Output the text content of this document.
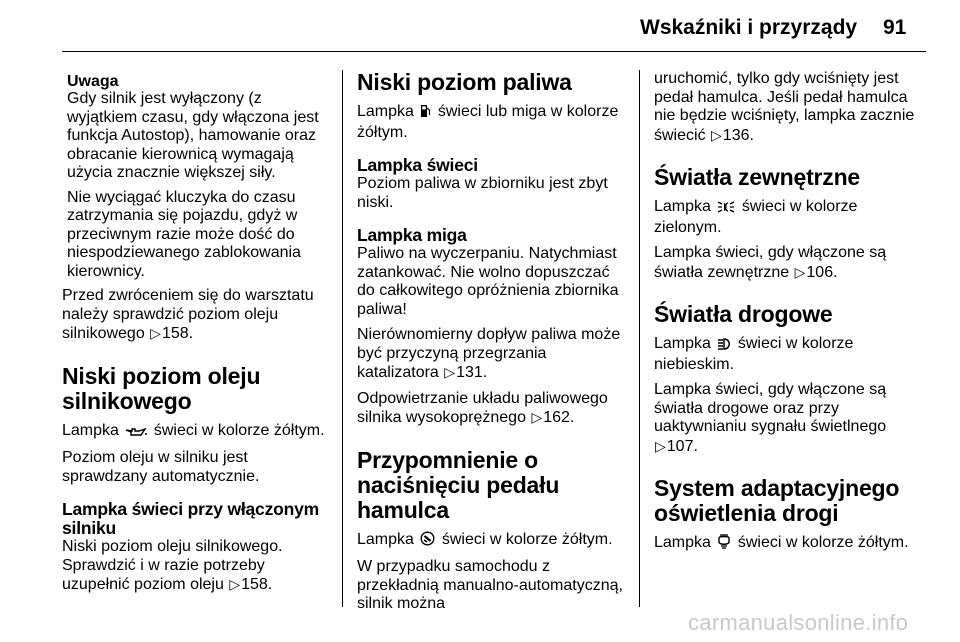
Wskaźniki i przyrządy 91
Uwaga

Gdy silnik jest wyłączony (z wyjątkiem czasu, gdy włączona jest funkcja Autostop), hamowanie oraz obracanie kierownicą wymagają użycia znacznie większej siły.

Nie wyciągać kluczyka do czasu zatrzymania się pojazdu, gdyż w przeciwnym razie może dość do niespodziewanego zablokowania kierownicy.

Przed zwróceniem się do warsztatu należy sprawdzić poziom oleju silnikowego ▷158.

Niski poziom oleju silnikowego

Lampka świeci w kolorze żółtym.

Poziom oleju w silniku jest sprawdzany automatycznie.

Lampka świeci przy włączonym silniku

Niski poziom oleju silnikowego. Sprawdzić i w razie potrzeby uzupełnić poziom oleju ▷158.

Niski poziom paliwa

Lampka świeci lub miga w kolorze żółtym.

Lampka świeci

Poziom paliwa w zbiorniku jest zbyt niski.

Lampka miga

Paliwo na wyczerpaniu. Natychmiast zatankować. Nie wolno dopuszczać do całkowitego opróżnienia zbiornika paliwa!

Nierównomierny dopływ paliwa może być przyczyną przegrzania katalizatora ▷131.

Odpowietrzanie układu paliwowego silnika wysokoprężnego ▷162.

Przypomnienie o naciśnięciu pedału hamulca

Lampka świeci w kolorze żółtym.

W przypadku samochodu z przekładnią manualno-automatyczną, silnik można

uruchomić, tylko gdy wciśnięty jest pedał hamulca. Jeśli pedał hamulca nie będzie wciśnięty, lampka zacznie świecić ▷136.

Światła zewnętrzne

Lampka świeci w kolorze zielonym.

Lampka świeci, gdy włączone są światła zewnętrzne ▷106.

Światła drogowe

Lampka świeci w kolorze niebieskim.

Lampka świeci, gdy włączone są światła drogowe oraz przy uaktywnianiu sygnału świetlnego ▷107.

System adaptacyjnego oświetlenia drogi

Lampka świeci w kolorze żółtym.

carmanualsonline.info
